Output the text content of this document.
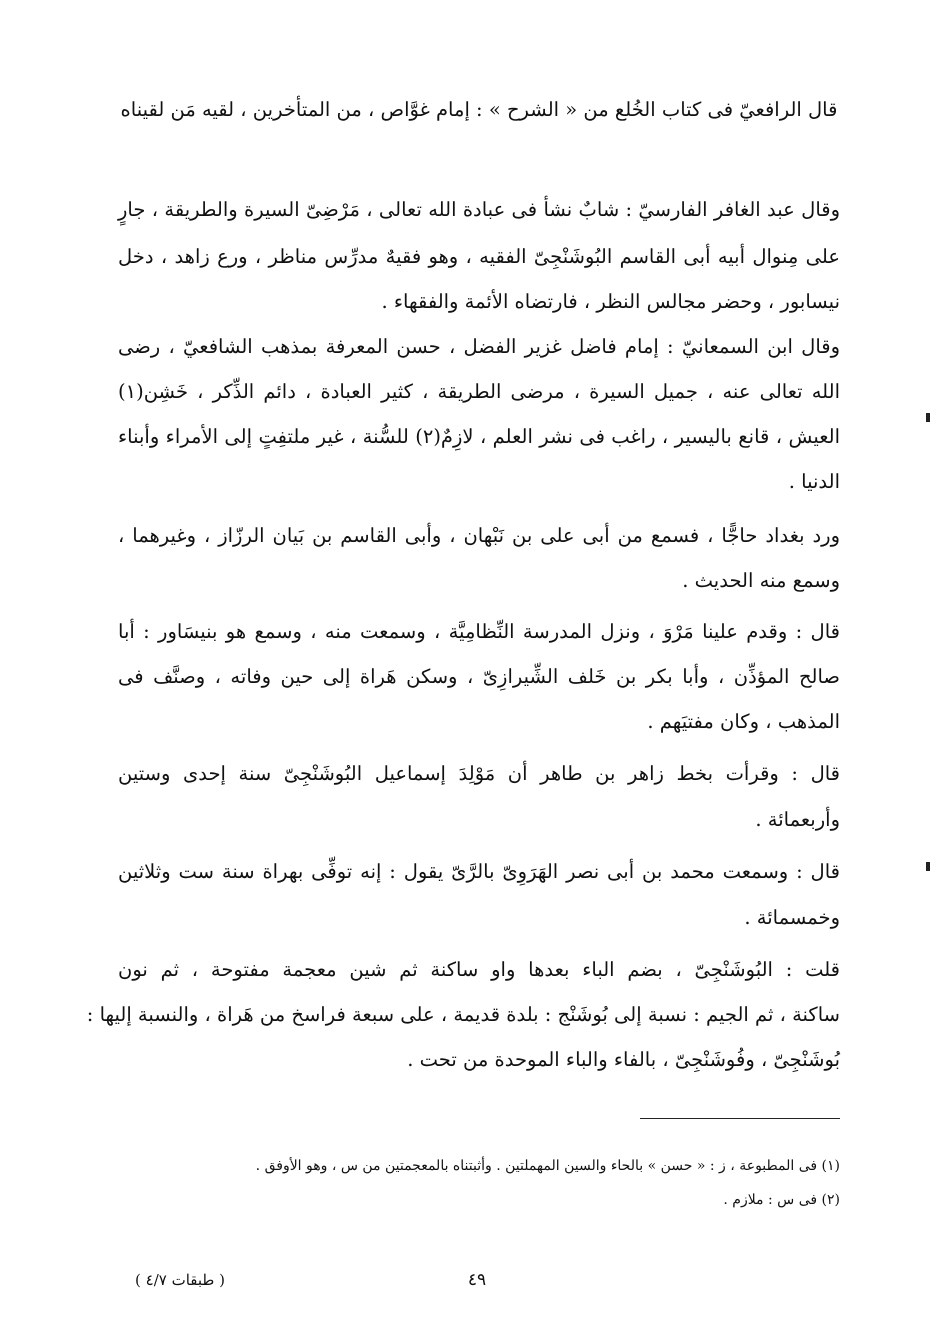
قال الرافعيّ فى كتاب الخُلع من « الشرح » : إمام غوَّاص ، من المتأخرين ، لقيه مَن لقيناه
وقال عبد الغافر الفارسيّ : شابٌ نشأ فى عبادة الله تعالى ، مَرْضِىّ السيرة والطريقة ، جارٍ
على مِنوال أبيه أبى القاسم البُوشَنْجِىّ الفقيه ، وهو فقيهٌ مدرِّس مناظر ، ورع زاهد ، دخل
نيسابور ، وحضر مجالس النظر ، فارتضاه الأئمة والفقهاء .
وقال ابن السمعانيّ : إمام فاضل غزير الفضل ، حسن المعرفة بمذهب الشافعيّ ، رضى
الله تعالى عنه ، جميل السيرة ، مرضى الطريقة ، كثير العبادة ، دائم الذِّكر ، خَشِن(١)
العيش ، قانع باليسير ، راغب فى نشر العلم ، لازِمٌ(٢) للسُّنة ، غير ملتفِتٍ إلى الأمراء وأبناء
الدنيا .
ورد بغداد حاجًّا ، فسمع من أبى على بن نَبْهان ، وأبى القاسم بن بَيان الرزّاز ، وغيرهما ،
وسمع منه الحديث .
قال : وقدم علينا مَرْوَ ، ونزل المدرسة النِّظامِيَّة ، وسمعت منه ، وسمع هو بنيسَاور : أبا
صالح المؤذِّن ، وأبا بكر بن خَلف الشِّيرازِىّ ، وسكن هَراة إلى حين وفاته ، وصنَّف فى
المذهب ، وكان مفتيَهم .
قال : وقرأت بخط زاهر بن طاهر أن مَوْلِدَ إسماعيل البُوشَنْجِىّ سنة إحدى وستين
وأربعمائة .
قال : وسمعت محمد بن أبى نصر الهَرَوِىّ بالرَّىّ يقول : إنه توفِّى بهراة سنة ست وثلاثين
وخمسمائة .
قلت : البُوشَنْجِىّ ، بضم الباء بعدها واو ساكنة ثم شين معجمة مفتوحة ، ثم نون
ساكنة ، ثم الجيم : نسبة إلى بُوشَنْج : بلدة قديمة ، على سبعة فراسخ من هَراة ، والنسبة إليها :
بُوشَنْجِىّ ، وفُوشَنْجِىّ ، بالفاء والباء الموحدة من تحت .
(١) فى المطبوعة ، ز : « حسن » بالحاء والسين المهملتين . وأثبتناه بالمعجمتين من س ، وهو الأوفق .
(٢) فى س : ملازم .
٤٩
( طبقات ٤/٧ )
